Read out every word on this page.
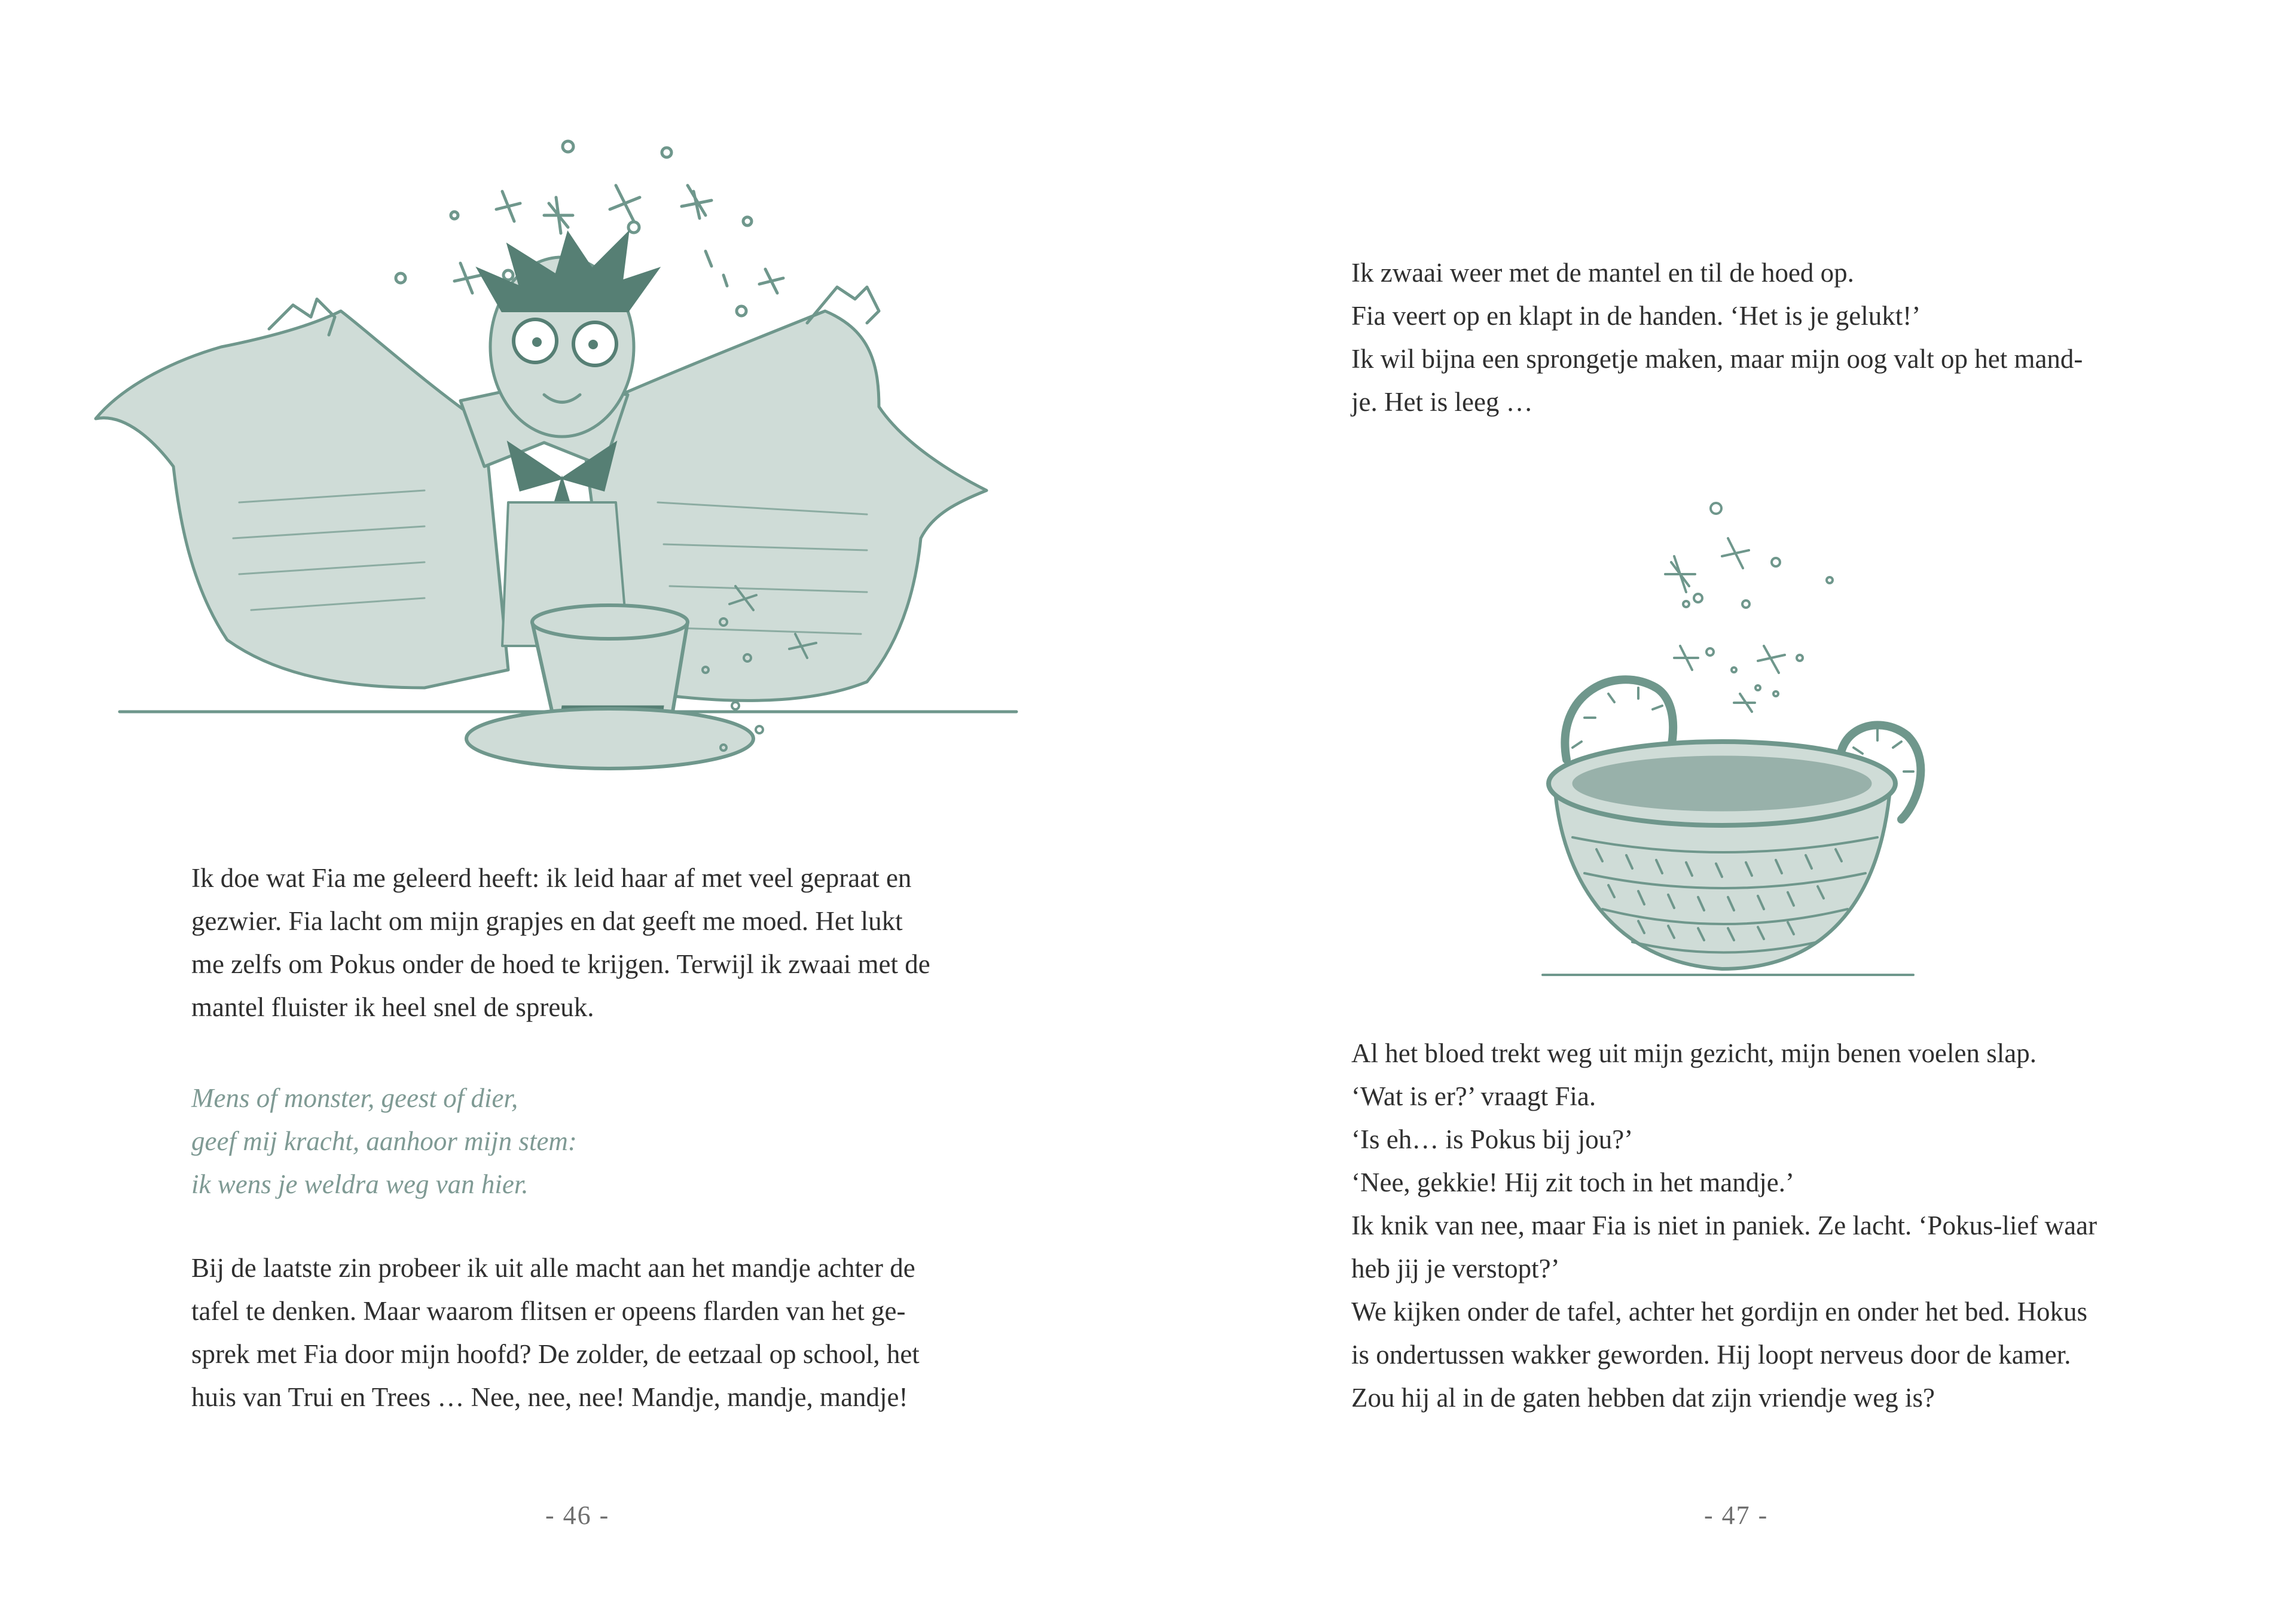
Ik doe wat Fia me geleerd heeft: ik leid haar af met veel gepraat en
gezwier. Fia lacht om mijn grapjes en dat geeft me moed. Het lukt
me zelfs om Pokus onder de hoed te krijgen. Terwijl ik zwaai met de
mantel fluister ik heel snel de spreuk.
Mens of monster, geest of dier,
geef mij kracht, aanhoor mijn stem:
ik wens je weldra weg van hier.
Bij de laatste zin probeer ik uit alle macht aan het mandje achter de
tafel te denken. Maar waarom flitsen er opeens flarden van het ge-
sprek met Fia door mijn hoofd? De zolder, de eetzaal op school, het
huis van Trui en Trees … Nee, nee, nee! Mandje, mandje, mandje!
- 46 -
Ik zwaai weer met de mantel en til de hoed op.
Fia veert op en klapt in de handen. ‘Het is je gelukt!’
Ik wil bijna een sprongetje maken, maar mijn oog valt op het mand-
je. Het is leeg …
Al het bloed trekt weg uit mijn gezicht, mijn benen voelen slap.
‘Wat is er?’ vraagt Fia.
‘Is eh… is Pokus bij jou?’
‘Nee, gekkie! Hij zit toch in het mandje.’
Ik knik van nee, maar Fia is niet in paniek. Ze lacht. ‘Pokus-lief waar
heb jij je verstopt?’
We kijken onder de tafel, achter het gordijn en onder het bed. Hokus
is ondertussen wakker geworden. Hij loopt nerveus door de kamer.
Zou hij al in de gaten hebben dat zijn vriendje weg is?
- 47 -
